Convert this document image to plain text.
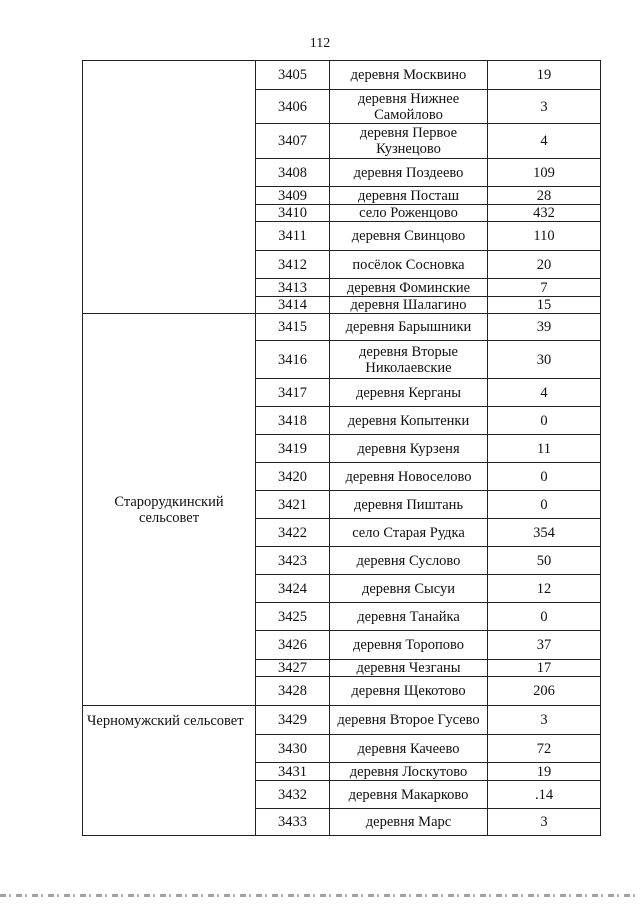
112
	3405	деревня Москвино	19
	3406	деревня Нижнее Самойлово	3
	3407	деревня Первое Кузнецово	4
	3408	деревня Поздеево	109
	3409	деревня Посташ	28
	3410	село Роженцово	432
	3411	деревня Свинцово	110
	3412	посёлок Сосновка	20
	3413	деревня Фоминские	7
	3414	деревня Шалагино	15
Старорудкинский сельсовет	3415	деревня Барышники	39
	3416	деревня Вторые Николаевские	30
	3417	деревня Керганы	4
	3418	деревня Копытенки	0
	3419	деревня Курзеня	11
	3420	деревня Новоселово	0
	3421	деревня Пиштань	0
	3422	село Старая Рудка	354
	3423	деревня Суслово	50
	3424	деревня Сысуи	12
	3425	деревня Танайка	0
	3426	деревня Торопово	37
	3427	деревня Чезганы	17
	3428	деревня Щекотово	206
Черномужский сельсовет	3429	деревня Второе Гусево	3
	3430	деревня Качеево	72
	3431	деревня Лоскутово	19
	3432	деревня Макарково	.14
	3433	деревня Марс	3
